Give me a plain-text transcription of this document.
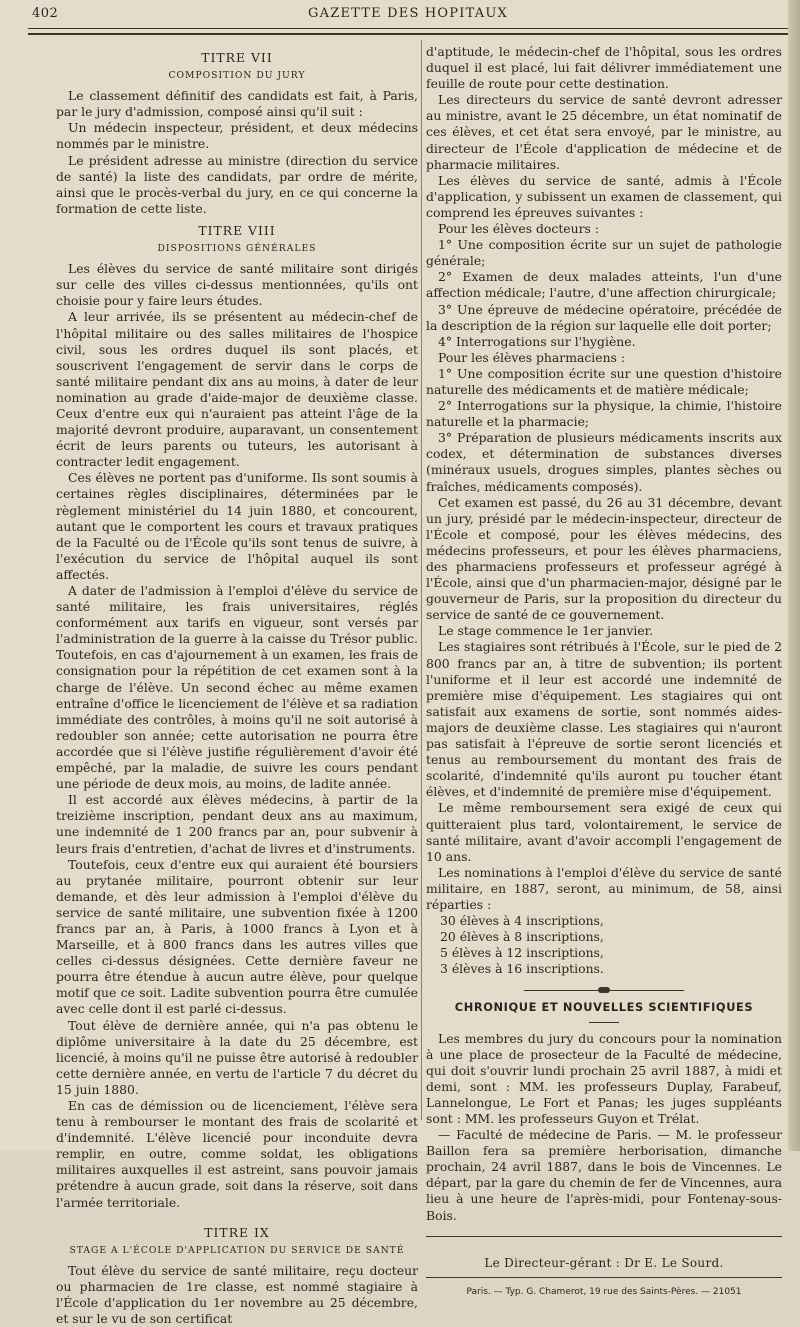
402	GAZETTE DES HOPITAUX
TITRE VII
COMPOSITION DU JURY

Le classement définitif des candidats est fait, à Paris, par le jury d'admission, composé ainsi qu'il suit :

Un médecin inspecteur, président, et deux médecins nommés par le ministre.

Le président adresse au ministre (direction du service de santé) la liste des candidats, par ordre de mérite, ainsi que le procès-verbal du jury, en ce qui concerne la formation de cette liste.

TITRE VIII
DISPOSITIONS GÉNÉRALES

Les élèves du service de santé militaire sont dirigés sur celle des villes ci-dessus mentionnées, qu'ils ont choisie pour y faire leurs études.

A leur arrivée, ils se présentent au médecin-chef de l'hôpital militaire ou des salles militaires de l'hospice civil, sous les ordres duquel ils sont placés, et souscrivent l'engagement de servir dans le corps de santé militaire pendant dix ans au moins, à dater de leur nomination au grade d'aide-major de deuxième classe. Ceux d'entre eux qui n'auraient pas atteint l'âge de la majorité devront produire, auparavant, un consentement écrit de leurs parents ou tuteurs, les autorisant à contracter ledit engagement.

Ces élèves ne portent pas d'uniforme. Ils sont soumis à certaines règles disciplinaires, déterminées par le règlement ministériel du 14 juin 1880, et concourent, autant que le comportent les cours et travaux pratiques de la Faculté ou de l'École qu'ils sont tenus de suivre, à l'exécution du service de l'hôpital auquel ils sont affectés.

A dater de l'admission à l'emploi d'élève du service de santé militaire, les frais universitaires, réglés conformément aux tarifs en vigueur, sont versés par l'administration de la guerre à la caisse du Trésor public. Toutefois, en cas d'ajournement à un examen, les frais de consignation pour la répétition de cet examen sont à la charge de l'élève. Un second échec au même examen entraîne d'office le licenciement de l'élève et sa radiation immédiate des contrôles, à moins qu'il ne soit autorisé à redoubler son année; cette autorisation ne pourra être accordée que si l'élève justifie régulièrement d'avoir été empêché, par la maladie, de suivre les cours pendant une période de deux mois, au moins, de ladite année.

Il est accordé aux élèves médecins, à partir de la treizième inscription, pendant deux ans au maximum, une indemnité de 1 200 francs par an, pour subvenir à leurs frais d'entretien, d'achat de livres et d'instruments.

Toutefois, ceux d'entre eux qui auraient été boursiers au prytanée militaire, pourront obtenir sur leur demande, et dès leur admission à l'emploi d'élève du service de santé militaire, une subvention fixée à 1200 francs par an, à Paris, à 1000 francs à Lyon et à Marseille, et à 800 francs dans les autres villes que celles ci-dessus désignées. Cette dernière faveur ne pourra être étendue à aucun autre élève, pour quelque motif que ce soit. Ladite subvention pourra être cumulée avec celle dont il est parlé ci-dessus.

Tout élève de dernière année, qui n'a pas obtenu le diplôme universitaire à la date du 25 décembre, est licencié, à moins qu'il ne puisse être autorisé à redoubler cette dernière année, en vertu de l'article 7 du décret du 15 juin 1880.

En cas de démission ou de licenciement, l'élève sera tenu à rembourser le montant des frais de scolarité et d'indemnité. L'élève licencié pour inconduite devra remplir, en outre, comme soldat, les obligations militaires auxquelles il est astreint, sans pouvoir jamais prétendre à aucun grade, soit dans la réserve, soit dans l'armée territoriale.

TITRE IX
STAGE A L'ÉCOLE D'APPLICATION DU SERVICE DE SANTÉ

Tout élève du service de santé militaire, reçu docteur ou pharmacien de 1re classe, est nommé stagiaire à l'École d'application du 1er novembre au 25 décembre, et sur le vu de son certificat

d'aptitude, le médecin-chef de l'hôpital, sous les ordres duquel il est placé, lui fait délivrer immédiatement une feuille de route pour cette destination.

Les directeurs du service de santé devront adresser au ministre, avant le 25 décembre, un état nominatif de ces élèves, et cet état sera envoyé, par le ministre, au directeur de l'École d'application de médecine et de pharmacie militaires.

Les élèves du service de santé, admis à l'École d'application, y subissent un examen de classement, qui comprend les épreuves suivantes :

Pour les élèves docteurs :

1° Une composition écrite sur un sujet de pathologie générale;

2° Examen de deux malades atteints, l'un d'une affection médicale; l'autre, d'une affection chirurgicale;

3° Une épreuve de médecine opératoire, précédée de la description de la région sur laquelle elle doit porter;

4° Interrogations sur l'hygiène.

Pour les élèves pharmaciens :

1° Une composition écrite sur une question d'histoire naturelle des médicaments et de matière médicale;

2° Interrogations sur la physique, la chimie, l'histoire naturelle et la pharmacie;

3° Préparation de plusieurs médicaments inscrits aux codex, et détermination de substances diverses (minéraux usuels, drogues simples, plantes sèches ou fraîches, médicaments composés).

Cet examen est passé, du 26 au 31 décembre, devant un jury, présidé par le médecin-inspecteur, directeur de l'École et composé, pour les élèves médecins, des médecins professeurs, et pour les élèves pharmaciens, des pharmaciens professeurs et professeur agrégé à l'École, ainsi que d'un pharmacien-major, désigné par le gouverneur de Paris, sur la proposition du directeur du service de santé de ce gouvernement.

Le stage commence le 1er janvier.

Les stagiaires sont rétribués à l'École, sur le pied de 2 800 francs par an, à titre de subvention; ils portent l'uniforme et il leur est accordé une indemnité de première mise d'équipement. Les stagiaires qui ont satisfait aux examens de sortie, sont nommés aides-majors de deuxième classe. Les stagiaires qui n'auront pas satisfait à l'épreuve de sortie seront licenciés et tenus au remboursement du montant des frais de scolarité, d'indemnité qu'ils auront pu toucher étant élèves, et d'indemnité de première mise d'équipement.

Le même remboursement sera exigé de ceux qui quitteraient plus tard, volontairement, le service de santé militaire, avant d'avoir accompli l'engagement de 10 ans.

Les nominations à l'emploi d'élève du service de santé militaire, en 1887, seront, au minimum, de 58, ainsi réparties :

30 élèves à 4 inscriptions,

20 élèves à 8 inscriptions,

5 élèves à 12 inscriptions,

3 élèves à 16 inscriptions.

CHRONIQUE ET NOUVELLES SCIENTIFIQUES

Les membres du jury du concours pour la nomination à une place de prosecteur de la Faculté de médecine, qui doit s'ouvrir lundi prochain 25 avril 1887, à midi et demi, sont : MM. les professeurs Duplay, Farabeuf, Lannelongue, Le Fort et Panas; les juges suppléants sont : MM. les professeurs Guyon et Trélat.

— Faculté de médecine de Paris. — M. le professeur Baillon fera sa première herborisation, dimanche prochain, 24 avril 1887, dans le bois de Vincennes. Le départ, par la gare du chemin de fer de Vincennes, aura lieu à une heure de l'après-midi, pour Fontenay-sous-Bois.

Le Directeur-gérant : Dr E. Le Sourd.
Paris. — Typ. G. Chamerot, 19 rue des Saints-Pères. — 21051
